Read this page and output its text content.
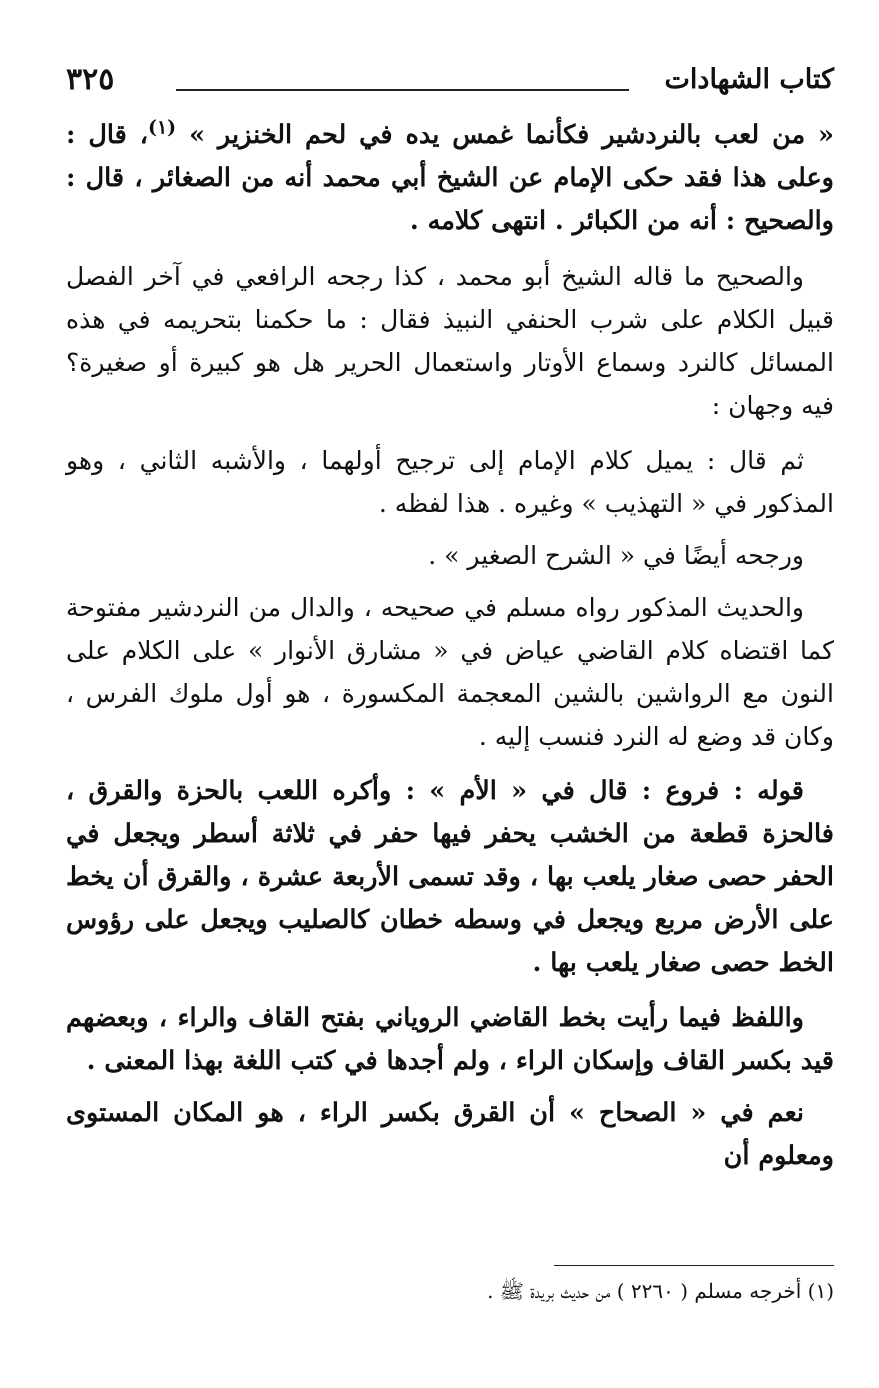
كتاب الشهادات
٣٢٥

« من لعب بالنردشير فكأنما غمس يده في لحم الخنزير » $^{(١)}$، قال : وعلى هذا فقد حكى الإمام عن الشيخ أبي محمد أنه من الصغائر ، قال : والصحيح : أنه من الكبائر . انتهى كلامه .

والصحيح ما قاله الشيخ أبو محمد ، كذا رجحه الرافعي في آخر الفصل قبيل الكلام على شرب الحنفي النبيذ فقال : ما حكمنا بتحريمه في هذه المسائل كالنرد وسماع الأوتار واستعمال الحرير هل هو كبيرة أو صغيرة؟ فيه وجهان :

ثم قال : يميل كلام الإمام إلى ترجيح أولهما ، والأشبه الثاني ، وهو المذكور في « التهذيب » وغيره . هذا لفظه .

ورجحه أيضًا في « الشرح الصغير » .

والحديث المذكور رواه مسلم في صحيحه ، والدال من النردشير مفتوحة كما اقتضاه كلام القاضي عياض في « مشارق الأنوار » على الكلام على النون مع الرواشين بالشين المعجمة المكسورة ، هو أول ملوك الفرس ، وكان قد وضع له النرد فنسب إليه .

قوله : فروع : قال في « الأم » : وأكره اللعب بالحزة والقرق ، فالحزة قطعة من الخشب يحفر فيها حفر في ثلاثة أسطر ويجعل في الحفر حصى صغار يلعب بها ، وقد تسمى الأربعة عشرة ، والقرق أن يخط على الأرض مربع ويجعل في وسطه خطان كالصليب ويجعل على رؤوس الخط حصى صغار يلعب بها .

واللفظ فيما رأيت بخط القاضي الروياني بفتح القاف والراء ، وبعضهم قيد بكسر القاف وإسكان الراء ، ولم أجدها في كتب اللغة بهذا المعنى .

نعم في « الصحاح » أن القرق بكسر الراء ، هو المكان المستوى ومعلوم أن

(١) أخرجه مسلم ( ٢٢٦٠ ) من حديث بريدة ﷺ .
